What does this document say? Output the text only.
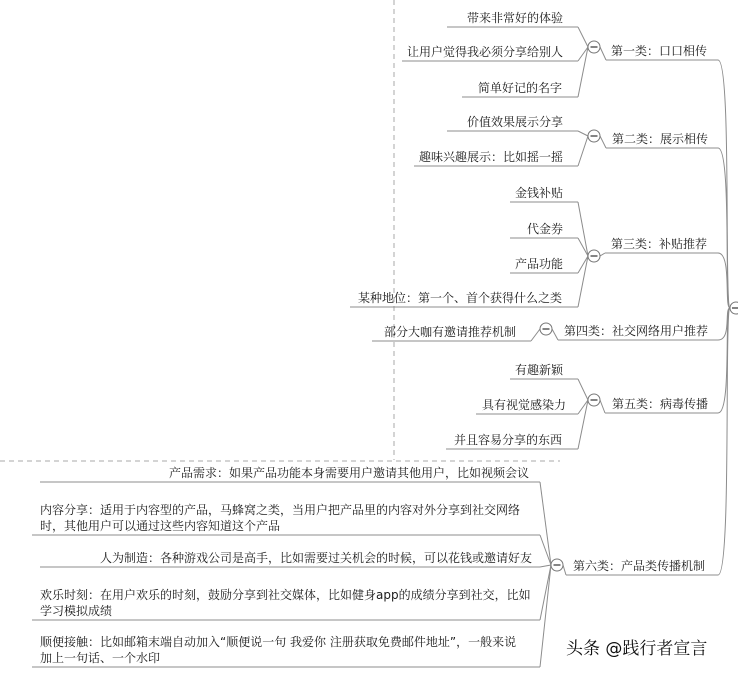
第一类：口口相传
带来非常好的体验
让用户觉得我必须分享给别人
简单好记的名字
第二类：展示相传
价值效果展示分享
趣味兴趣展示：比如摇一摇
第三类：补贴推荐
金钱补贴
代金券
产品功能
某种地位：第一个、首个获得什么之类
第四类：社交网络用户推荐
部分大咖有邀请推荐机制
第五类：病毒传播
有趣新颖
具有视觉感染力
并且容易分享的东西
第六类：产品类传播机制
产品需求：如果产品功能本身需要用户邀请其他用户，比如视频会议
内容分享：适用于内容型的产品，马蜂窝之类，当用户把产品里的内容对外分享到社交网络
时，其他用户可以通过这些内容知道这个产品
人为制造：各种游戏公司是高手，比如需要过关机会的时候，可以花钱或邀请好友
欢乐时刻：在用户欢乐的时刻，鼓励分享到社交媒体，比如健身app的成绩分享到社交，比如
学习模拟成绩
顺便接触：比如邮箱末端自动加入“顺便说一句 我爱你 注册获取免费邮件地址”，一般来说
加上一句话、一个水印	头条 @践行者宣言
